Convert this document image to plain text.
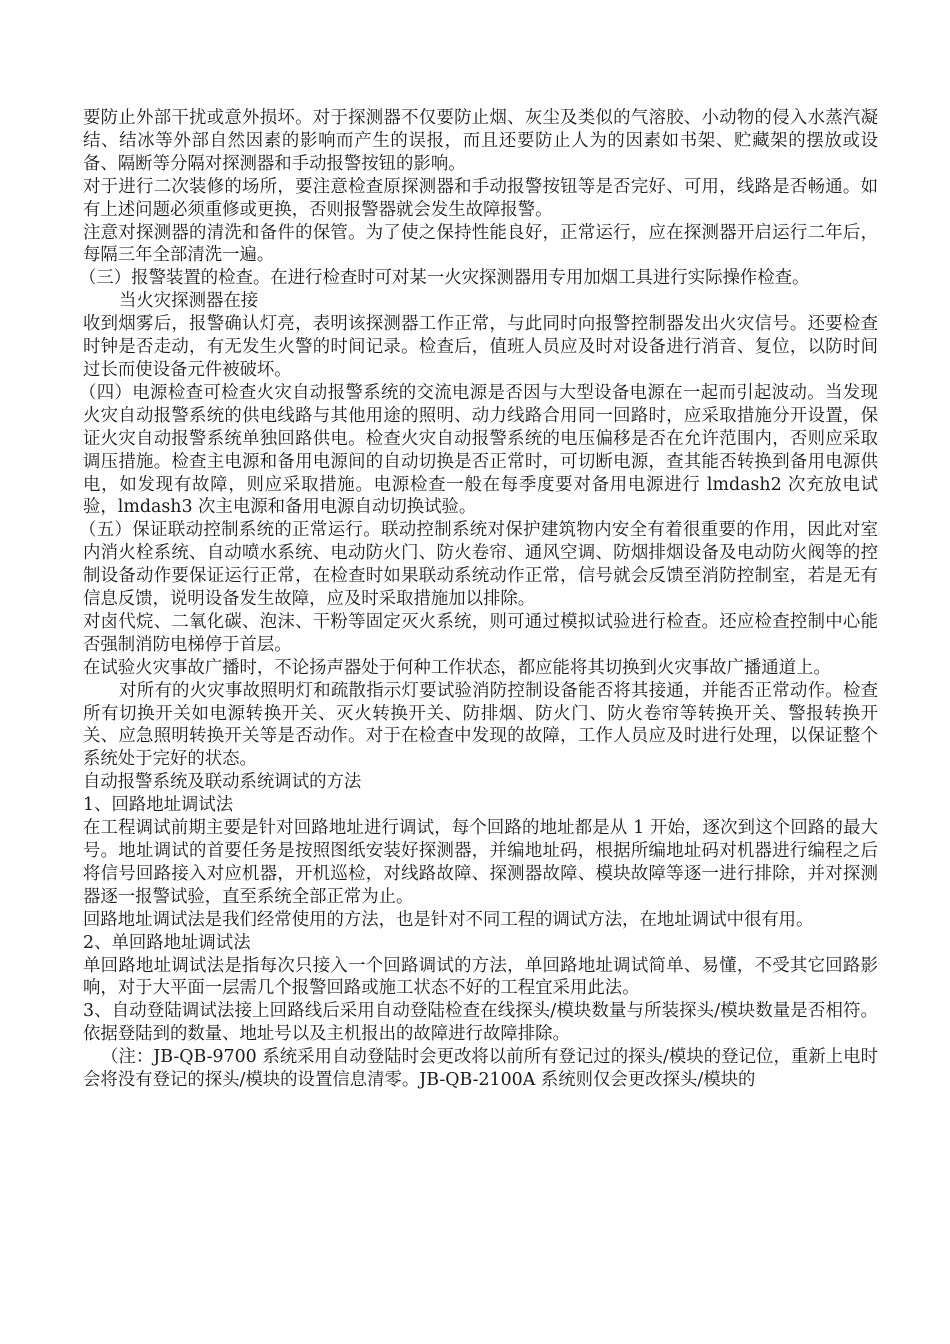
要防止外部干扰或意外损坏。对于探测器不仅要防止烟、灰尘及类似的气溶胶、小动物的侵入水蒸汽凝结、结冰等外部自然因素的影响而产生的误报，而且还要防止人为的因素如书架、贮藏架的摆放或设备、隔断等分隔对探测器和手动报警按钮的影响。

对于进行二次装修的场所，要注意检查原探测器和手动报警按钮等是否完好、可用，线路是否畅通。如有上述问题必须重修或更换，否则报警器就会发生故障报警。

注意对探测器的清洗和备件的保管。为了使之保持性能良好，正常运行，应在探测器开启运行二年后，每隔三年全部清洗一遍。

（三）报警装置的检查。在进行检查时可对某一火灾探测器用专用加烟工具进行实际操作检查。

当火灾探测器在接

收到烟雾后，报警确认灯亮，表明该探测器工作正常，与此同时向报警控制器发出火灾信号。还要检查时钟是否走动，有无发生火警的时间记录。检查后，值班人员应及时对设备进行消音、复位，以防时间过长而使设备元件被破坏。

（四）电源检查可检查火灾自动报警系统的交流电源是否因与大型设备电源在一起而引起波动。当发现火灾自动报警系统的供电线路与其他用途的照明、动力线路合用同一回路时，应采取措施分开设置，保证火灾自动报警系统单独回路供电。检查火灾自动报警系统的电压偏移是否在允许范围内，否则应采取调压措施。检查主电源和备用电源间的自动切换是否正常时，可切断电源，查其能否转换到备用电源供电，如发现有故障，则应采取措施。电源检查一般在每季度要对备用电源进行 lmdash2 次充放电试验，lmdash3 次主电源和备用电源自动切换试验。

（五）保证联动控制系统的正常运行。联动控制系统对保护建筑物内安全有着很重要的作用，因此对室内消火栓系统、自动喷水系统、电动防火门、防火卷帘、通风空调、防烟排烟设备及电动防火阀等的控制设备动作要保证运行正常，在检查时如果联动系统动作正常，信号就会反馈至消防控制室，若是无有信息反馈，说明设备发生故障，应及时采取措施加以排除。

对卤代烷、二氧化碳、泡沫、干粉等固定灭火系统，则可通过模拟试验进行检查。还应检查控制中心能否强制消防电梯停于首层。

在试验火灾事故广播时，不论扬声器处于何种工作状态，都应能将其切换到火灾事故广播通道上。

对所有的火灾事故照明灯和疏散指示灯要试验消防控制设备能否将其接通，并能否正常动作。检查所有切换开关如电源转换开关、灭火转换开关、防排烟、防火门、防火卷帘等转换开关、警报转换开关、应急照明转换开关等是否动作。对于在检查中发现的故障，工作人员应及时进行处理，以保证整个系统处于完好的状态。

自动报警系统及联动系统调试的方法

1、回路地址调试法

在工程调试前期主要是针对回路地址进行调试，每个回路的地址都是从 1 开始，逐次到这个回路的最大号。地址调试的首要任务是按照图纸安装好探测器，并编地址码，根据所编地址码对机器进行编程之后将信号回路接入对应机器，开机巡检，对线路故障、探测器故障、模块故障等逐一进行排除，并对探测器逐一报警试验，直至系统全部正常为止。

回路地址调试法是我们经常使用的方法，也是针对不同工程的调试方法，在地址调试中很有用。

2、单回路地址调试法

单回路地址调试法是指每次只接入一个回路调试的方法，单回路地址调试简单、易懂，不受其它回路影响，对于大平面一层需几个报警回路或施工状态不好的工程宜采用此法。

3、自动登陆调试法接上回路线后采用自动登陆检查在线探头/模块数量与所装探头/模块数量是否相符。依据登陆到的数量、地址号以及主机报出的故障进行故障排除。

（注：JB-QB-9700 系统采用自动登陆时会更改将以前所有登记过的探头/模块的登记位，重新上电时会将没有登记的探头/模块的设置信息清零。JB-QB-2100A 系统则仅会更改探头/模块的
